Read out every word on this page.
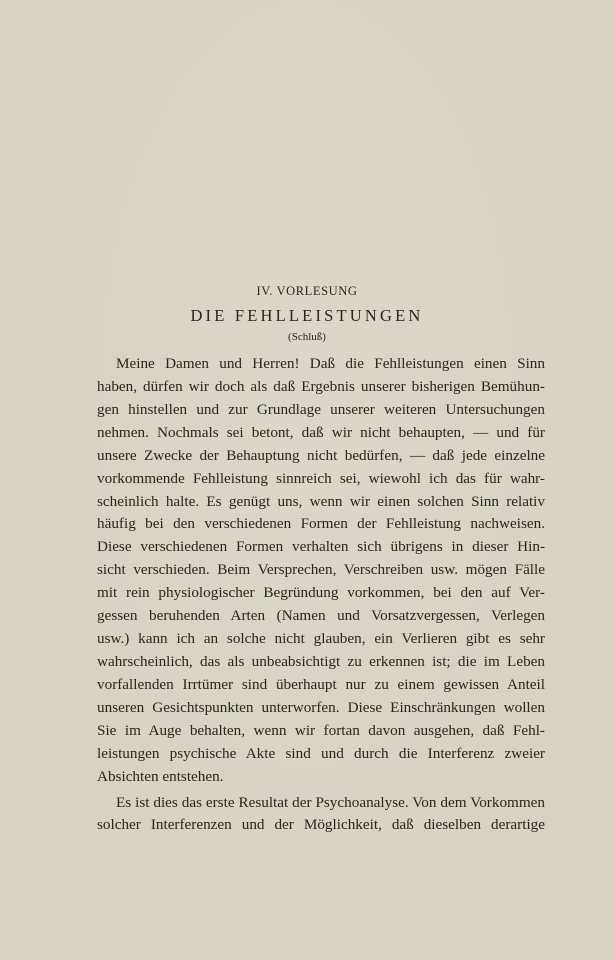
IV. VORLESUNG
DIE FEHLLEISTUNGEN
(Schluß)
Meine Damen und Herren! Daß die Fehlleistungen einen Sinn
haben, dürfen wir doch als daß Ergebnis unserer bisherigen Bemühun-
gen hinstellen und zur Grundlage unserer weiteren Untersuchungen
nehmen. Nochmals sei betont, daß wir nicht behaupten, — und für
unsere Zwecke der Behauptung nicht bedürfen, — daß jede einzelne
vorkommende Fehlleistung sinnreich sei, wiewohl ich das für wahr-
scheinlich halte. Es genügt uns, wenn wir einen solchen Sinn relativ
häufig bei den verschiedenen Formen der Fehlleistung nachweisen.
Diese verschiedenen Formen verhalten sich übrigens in dieser Hin-
sicht verschieden. Beim Versprechen, Verschreiben usw. mögen Fälle
mit rein physiologischer Begründung vorkommen, bei den auf Ver-
gessen beruhenden Arten (Namen und Vorsatzvergessen, Verlegen
usw.) kann ich an solche nicht glauben, ein Verlieren gibt es sehr
wahrscheinlich, das als unbeabsichtigt zu erkennen ist; die im Leben
vorfallenden Irrtümer sind überhaupt nur zu einem gewissen Anteil
unseren Gesichtspunkten unterworfen. Diese Einschränkungen wollen
Sie im Auge behalten, wenn wir fortan davon ausgehen, daß Fehl-
leistungen psychische Akte sind und durch die Interferenz zweier
Absichten entstehen.
Es ist dies das erste Resultat der Psychoanalyse. Von dem Vorkommen
solcher Interferenzen und der Möglichkeit, daß dieselben derartige
